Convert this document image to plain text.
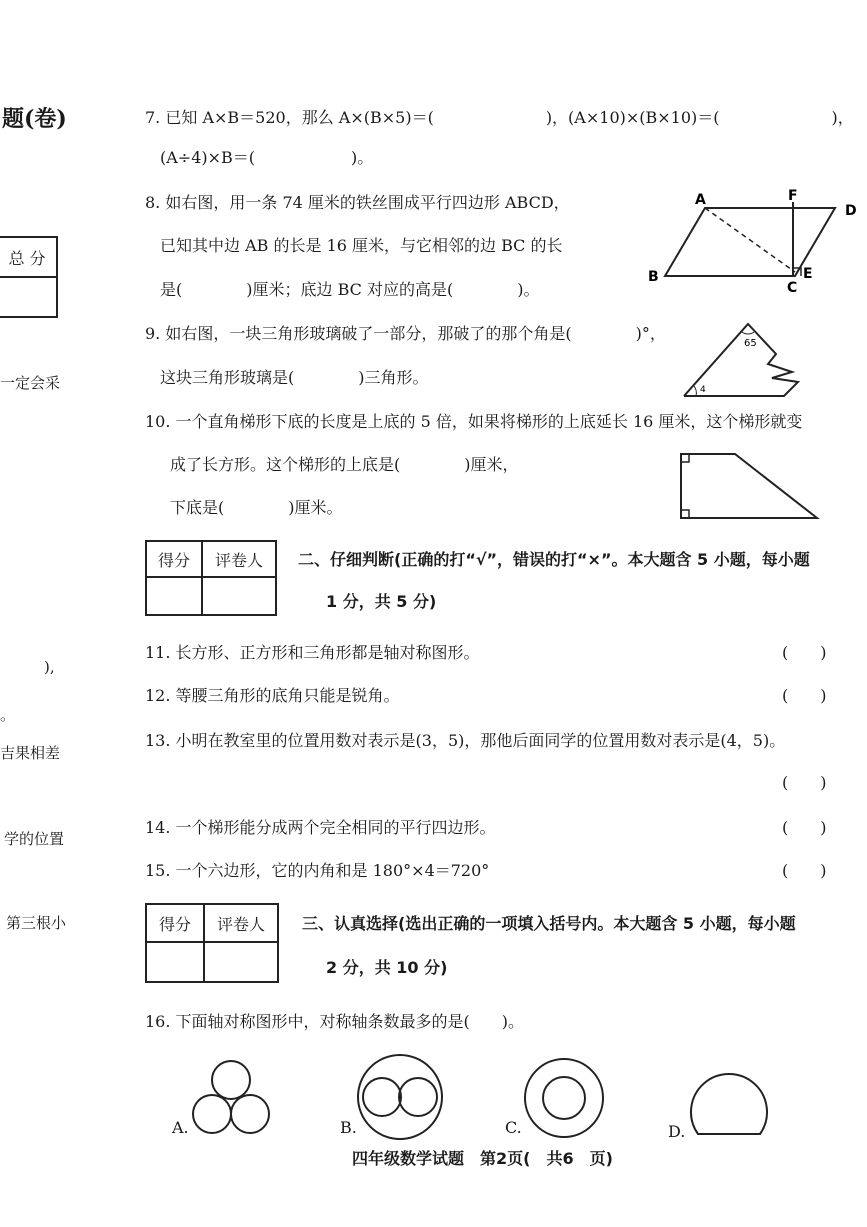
题(卷)
总 分

一定会采
),
。
吉果相差
学的位置
第三根小
7. 已知 A×B＝520，那么 A×(B×5)＝(　　　　　　　)，(A×10)×(B×10)＝(　　　　　　　)，
(A÷4)×B＝(　　　　　　)。
8. 如右图，用一条 74 厘米的铁丝围成平行四边形 ABCD，
已知其中边 AB 的长是 16 厘米，与它相邻的边 BC 的长
是(　　　　)厘米；底边 BC 对应的高是(　　　　)。
A	F
D
B	E
C
9. 如右图，一块三角形玻璃破了一部分，那破了的那个角是(　　　　)°，
这块三角形玻璃是(　　　　)三角形。
65
4
10. 一个直角梯形下底的长度是上底的 5 倍，如果将梯形的上底延长 16 厘米，这个梯形就变
成了长方形。这个梯形的上底是(　　　　)厘米，
下底是(　　　　)厘米。
得分	评卷人
	二、仔细判断(正确的打“√”，错误的打“×”。本大题含 5 小题，每小题
1 分，共 5 分)
11. 长方形、正方形和三角形都是轴对称图形。	(　　)
12. 等腰三角形的底角只能是锐角。	(　　)
13. 小明在教室里的位置用数对表示是(3，5)，那他后面同学的位置用数对表示是(4，5)。
(　　)
14. 一个梯形能分成两个完全相同的平行四边形。	(　　)
15. 一个六边形，它的内角和是 180°×4＝720°	(　　)
得分	评卷人
	三、认真选择(选出正确的一项填入括号内。本大题含 5 小题，每小题
2 分，共 10 分)
16. 下面轴对称图形中，对称轴条数最多的是(　　)。
A.	B.	C.	D.
四年级数学试题　第2页(　共6　页)
